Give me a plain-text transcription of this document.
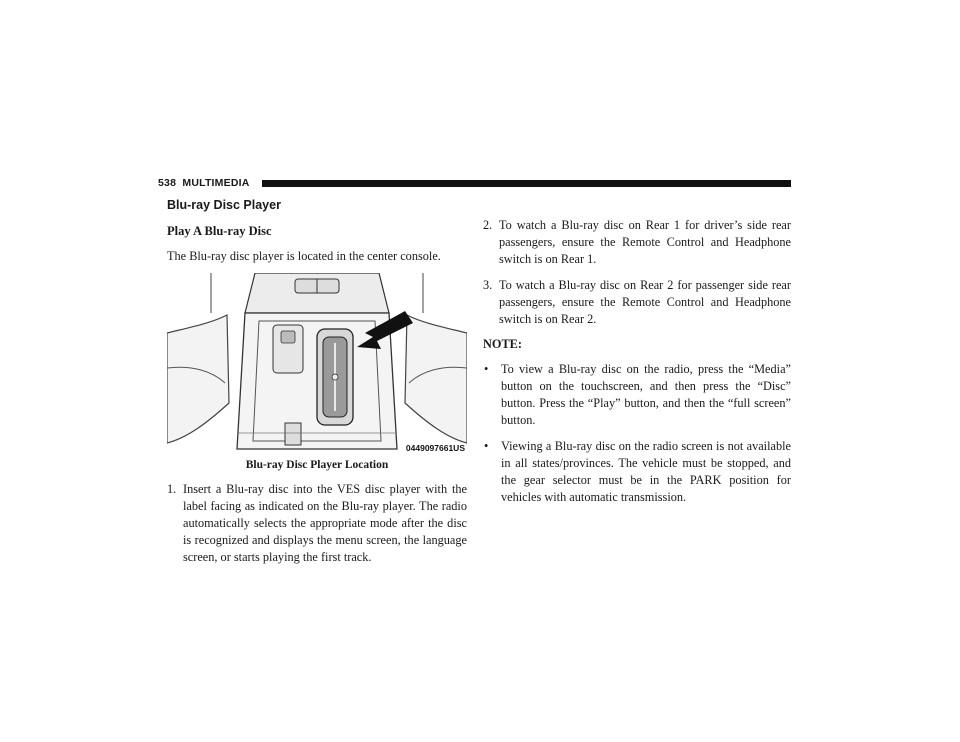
538 MULTIMEDIA
Blu-ray Disc Player
Play A Blu-ray Disc

The Blu-ray disc player is located in the center console.

0449097661US
Blu-ray Disc Player Location
1. Insert a Blu-ray disc into the VES disc player with the label facing as indicated on the Blu-ray player. The radio automatically selects the appropriate mode after the disc is recognized and displays the menu screen, the language screen, or starts playing the first track.
2. To watch a Blu-ray disc on Rear 1 for driver’s side rear passengers, ensure the Remote Control and Headphone switch is on Rear 1.
3. To watch a Blu-ray disc on Rear 2 for passenger side rear passengers, ensure the Remote Control and Headphone switch is on Rear 2.
NOTE:
• To view a Blu-ray disc on the radio, press the “Media” button on the touchscreen, and then press the “Disc” button. Press the “Play” button, and then the “full screen” button.
• Viewing a Blu-ray disc on the radio screen is not available in all states/provinces. The vehicle must be stopped, and the gear selector must be in the PARK position for vehicles with automatic transmission.
